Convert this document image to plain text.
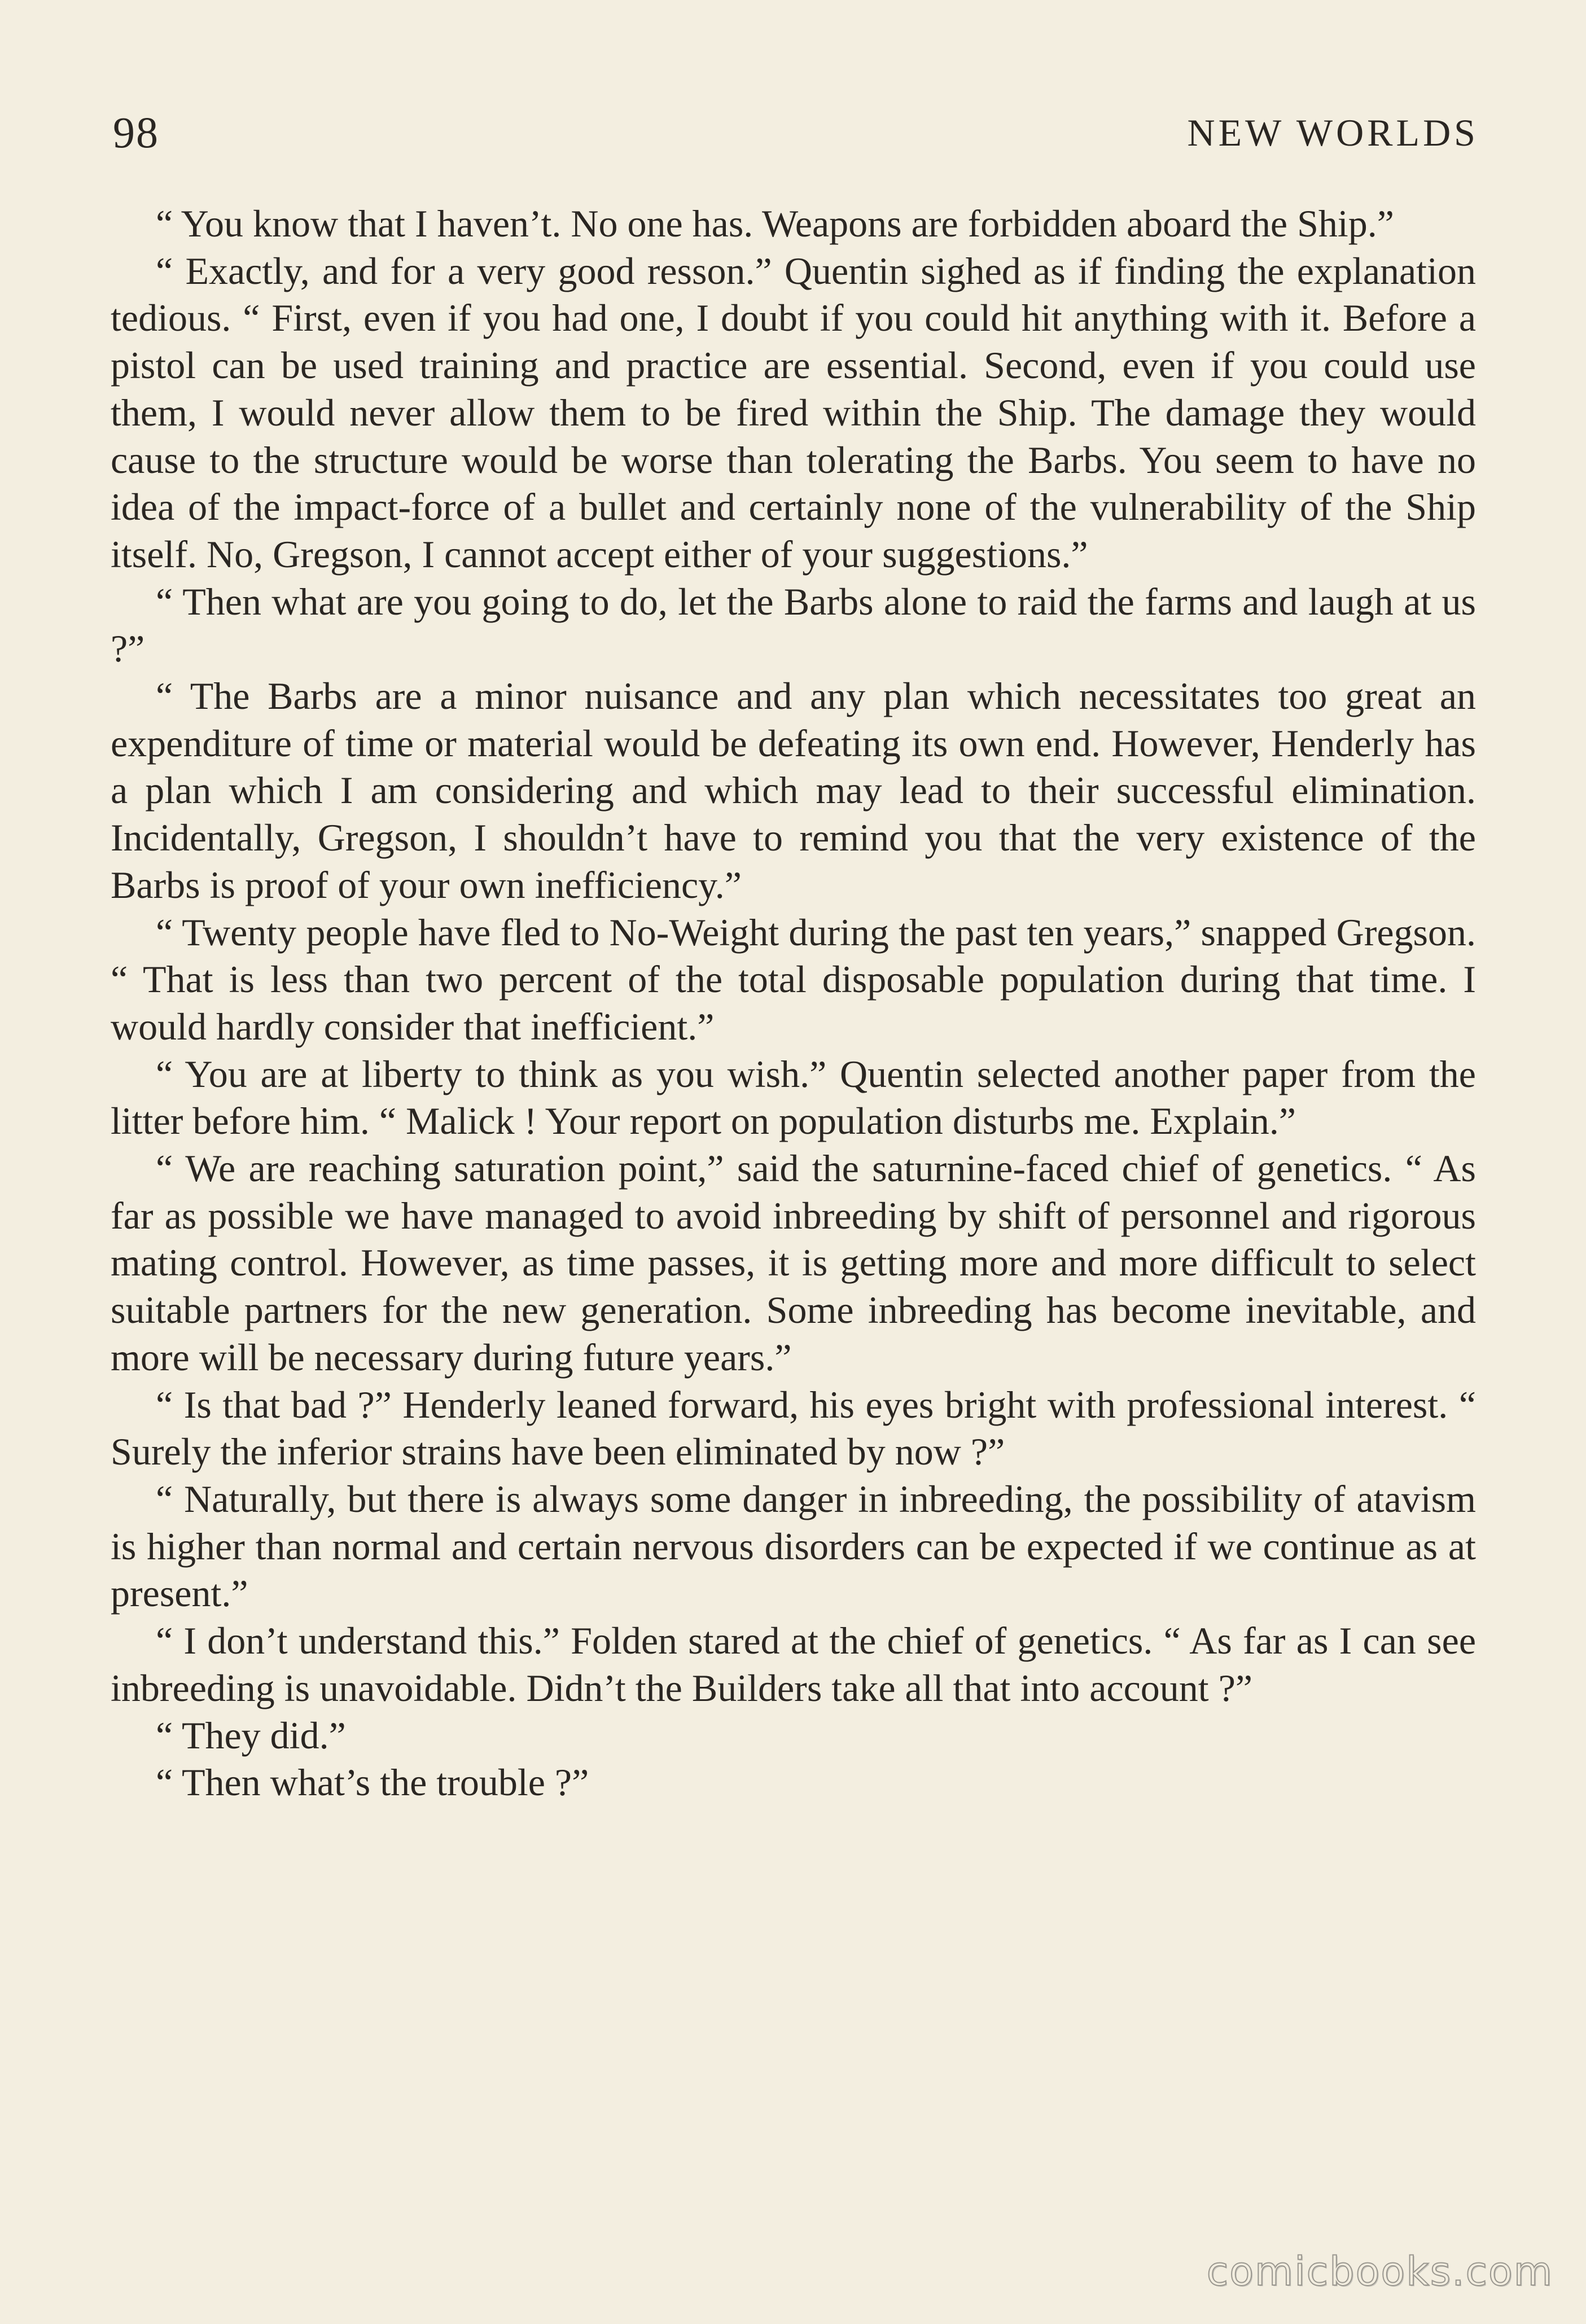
98	NEW WORLDS

“ You know that I haven’t. No one has. Weapons are forbidden aboard the Ship.”

“ Exactly, and for a very good resson.” Quentin sighed as if finding the explanation tedious. “ First, even if you had one, I doubt if you could hit anything with it. Before a pistol can be used training and practice are essential. Second, even if you could use them, I would never allow them to be fired within the Ship. The damage they would cause to the structure would be worse than tolerating the Barbs. You seem to have no idea of the impact-force of a bullet and certainly none of the vulnerability of the Ship itself. No, Gregson, I cannot accept either of your suggestions.”

“ Then what are you going to do, let the Barbs alone to raid the farms and laugh at us ?”

“ The Barbs are a minor nuisance and any plan which necessitates too great an expenditure of time or material would be defeating its own end. However, Henderly has a plan which I am considering and which may lead to their successful elimination. Incidentally, Gregson, I shouldn’t have to remind you that the very existence of the Barbs is proof of your own inefficiency.”

“ Twenty people have fled to No-Weight during the past ten years,” snapped Gregson. “ That is less than two percent of the total disposable population during that time. I would hardly consider that inefficient.”

“ You are at liberty to think as you wish.” Quentin selected another paper from the litter before him. “ Malick ! Your report on population disturbs me. Explain.”

“ We are reaching saturation point,” said the saturnine-faced chief of genetics. “ As far as possible we have managed to avoid inbreeding by shift of personnel and rigorous mating control. However, as time passes, it is getting more and more difficult to select suitable partners for the new generation. Some inbreeding has become inevitable, and more will be necessary during future years.”

“ Is that bad ?” Henderly leaned forward, his eyes bright with professional interest. “ Surely the inferior strains have been eliminated by now ?”

“ Naturally, but there is always some danger in inbreeding, the possibility of atavism is higher than normal and certain nervous disorders can be expected if we continue as at present.”

“ I don’t understand this.” Folden stared at the chief of genetics. “ As far as I can see inbreeding is unavoidable. Didn’t the Builders take all that into account ?”

“ They did.”

“ Then what’s the trouble ?”

comicbooks.com
